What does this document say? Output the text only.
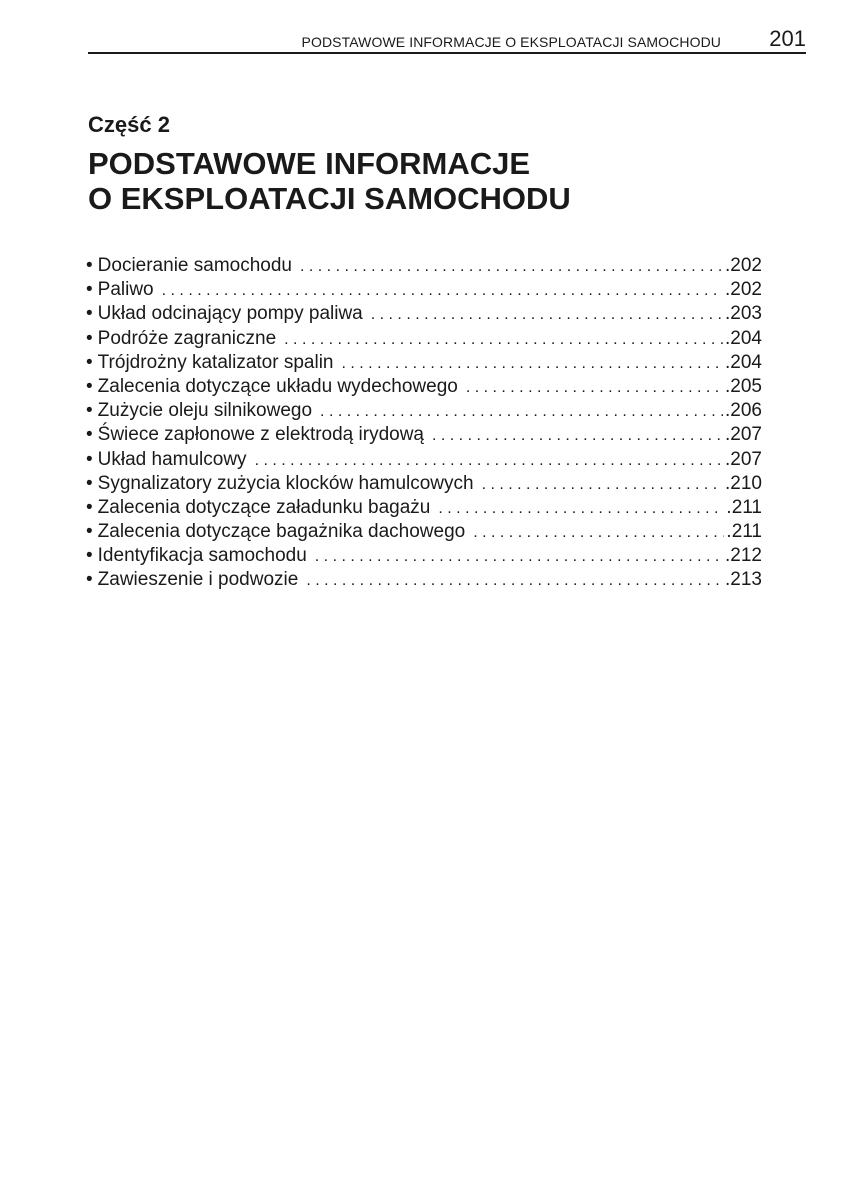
PODSTAWOWE INFORMACJE O EKSPLOATACJI SAMOCHODU 201
Część 2
PODSTAWOWE INFORMACJE
O EKSPLOATACJI SAMOCHODU
• Docieranie samochodu . . .	.202
• Paliwo . . .	.202
• Układ odcinający pompy paliwa . . .	.203
• Podróże zagraniczne . . .	.204
• Trójdrożny katalizator spalin . . .	.204
• Zalecenia dotyczące układu wydechowego . . .	.205
• Zużycie oleju silnikowego . . .	.206
• Świece zapłonowe z elektrodą irydową . . .	.207
• Układ hamulcowy . . .	.207
• Sygnalizatory zużycia klocków hamulcowych . . .	.210
• Zalecenia dotyczące załadunku bagażu . . .	.211
• Zalecenia dotyczące bagażnika dachowego . . .	.211
• Identyfikacja samochodu . . .	.212
• Zawieszenie i podwozie . . .	.213
